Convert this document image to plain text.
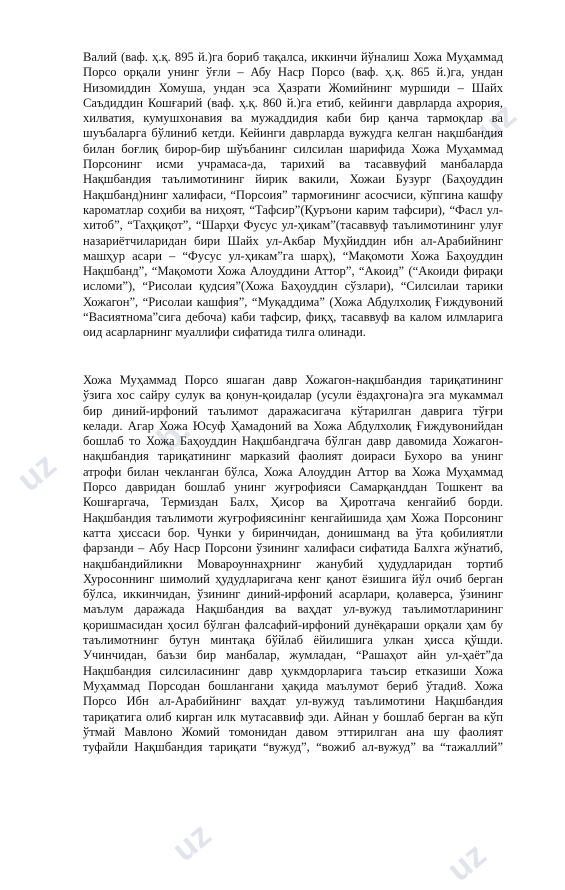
uz
uz
b.
uz	uz
Валий (ваф. ҳ.қ. 895 й.)га бориб тақалса, иккинчи йўналиш Хожа Муҳаммад
Порсо орқали унинг ўғли – Абу Наср Порсо (ваф. ҳ.қ. 865 й.)га, ундан
Низомиддин Хомуша, ундан эса Ҳазрати Жомийнинг муршиди – Шайх
Саъдиддин Кошғарий (ваф. ҳ.қ. 860 й.)га етиб, кейинги даврларда аҳрория,
хилватия, кумушхонавия ва мужаддидия каби бир қанча тармоқлар ва
шуъбаларга бўлиниб кетди. Кейинги даврларда вужудга келган нақшбандия
билан боғлиқ бирор-бир шўъбанинг силсилан шарифида Хожа Муҳаммад
Порсонинг исми учрамаса-да, тарихий ва тасаввуфий манбаларда
Нақшбандия таълимотининг йирик вакили, Хожаи Бузург (Баҳоуддин
Нақшбанд)нинг халифаси, “Порсоия” тармоғининг асосчиси, кўпгина кашфу
кароматлар соҳиби ва ниҳоят, “Тафсир”(Қуръони карим тафсири), “Фасл ул-
хитоб”, “Таҳқиқот”, “Шарҳи Фусус ул-ҳикам”(тасаввуф таълимотининг улуғ
назариётчиларидан бири Шайх ул-Акбар Муҳйиддин ибн ал-Арабийнинг
машҳур асари – “Фусус ул-ҳикам”га шарҳ), “Мақомоти Хожа Баҳоуддин
Нақшбанд”, “Мақомоти Хожа Алоуддини Аттор”, “Акоид” (“Акоиди фирақи
исломи”), “Рисолаи қудсия”(Хожа Баҳоуддин сўзлари), “Силсилаи тарики
Хожагон”, “Рисолаи кашфия”, “Муқаддима” (Хожа Абдулхолиқ Ғиждувоний
“Васиятнома”сига дебоча) каби тафсир, фиқҳ, тасаввуф ва калом илмларига
оид асарларнинг муаллифи сифатида тилга олинади.
Хожа Муҳаммад Порсо яшаган давр Хожагон-нақшбандия тариқатининг
ўзига хос сайру сулук ва қонун-қоидалар (усули ёздаҳгона)га эга мукаммал
бир диний-ирфоний таълимот даражасигача кўтарилган даврига тўғри
келади. Агар Хожа Юсуф Ҳамадоний ва Хожа Абдулхолиқ Ғиждувонийдан
бошлаб то Хожа Баҳоуддин Нақшбандгача бўлган давр давомида Хожагон-
нақшбандия тариқатининг марказий фаолият доираси Бухоро ва унинг
атрофи билан чекланган бўлса, Хожа Алоуддин Аттор ва Хожа Муҳаммад
Порсо давридан бошлаб унинг жуғрофияси Самарқанддан Тошкент ва
Кошғаргача, Термиздан Балх, Ҳисор ва Ҳиротгача кенгайиб борди.
Нақшбандия таълимоти жуғрофиясинінг кенгайишида ҳам Хожа Порсонинг
катта ҳиссаси бор. Чунки у биринчидан, донишманд ва ўта қобилиятли
фарзанди – Абу Наср Порсони ўзининг халифаси сифатида Балхга жўнатиб,
нақшбандийликни Мовароуннаҳрнинг жанубий ҳудудларидан тортиб
Хуросоннинг шимолий ҳудудларигача кенг қанот ёзишига йўл очиб берган
бўлса, иккинчидан, ўзининг диний-ирфоний асарлари, қолаверса, ўзининг
маълум даражада Нақшбандия ва ваҳдат ул-вужуд таълимотларининг
қоришмасидан ҳосил бўлган фалсафий-ирфоний дунёқараши орқали ҳам бу
таълимотнинг бутун минтақа бўйлаб ёйилишига улкан ҳисса қўшди.
Учинчидан, баъзи бир манбалар, жумладан, “Рашаҳот айн ул-ҳаёт”да
Нақшбандия силсиласининг давр ҳукмдорларига таъсир етказиши Хожа
Муҳаммад Порсодан бошлангани ҳақида маълумот бериб ўтади8. Хожа
Порсо Ибн ал-Арабийнинг ваҳдат ул-вужуд таълимотини Нақшбандия
тариқатига олиб кирган илк мутасаввиф эди. Айнан у бошлаб берган ва кўп
ўтмай Мавлоно Жомий томонидан давом эттирилган ана шу фаолият
туфайли Нақшбандия тариқати “вужуд”, “вожиб ал-вужуд” ва “тажаллий”
